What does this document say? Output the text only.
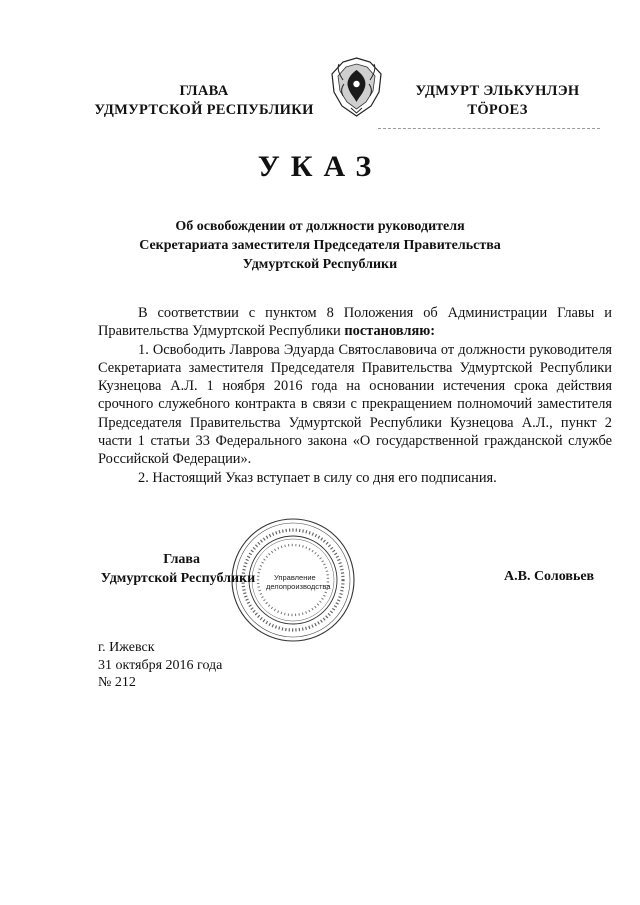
ГЛАВА
УДМУРТСКОЙ РЕСПУБЛИКИ
УДМУРТ ЭЛЬКУНЛЭН
ТӦРОЕЗ
УКАЗ
Об освобождении от должности руководителя
Секретариата заместителя Председателя Правительства
Удмуртской Республики

В соответствии с пунктом 8 Положения об Администрации Главы и Правительства Удмуртской Республики постановляю:

1. Освободить Лаврова Эдуарда Святославовича от должности руководителя Секретариата заместителя Председателя Правительства Удмуртской Республики Кузнецова А.Л. 1 ноября 2016 года на основании истечения срока действия срочного служебного контракта в связи с прекращением полномочий заместителя Председателя Правительства Удмуртской Республики Кузнецова А.Л., пункт 2 части 1 статьи 33 Федерального закона «О государственной гражданской службе Российской Федерации».

2. Настоящий Указ вступает в силу со дня его подписания.

Управление
делопроизводства
Глава
Удмуртской Республики	А.В. Соловьев
г. Ижевск
31 октября 2016 года
№ 212
